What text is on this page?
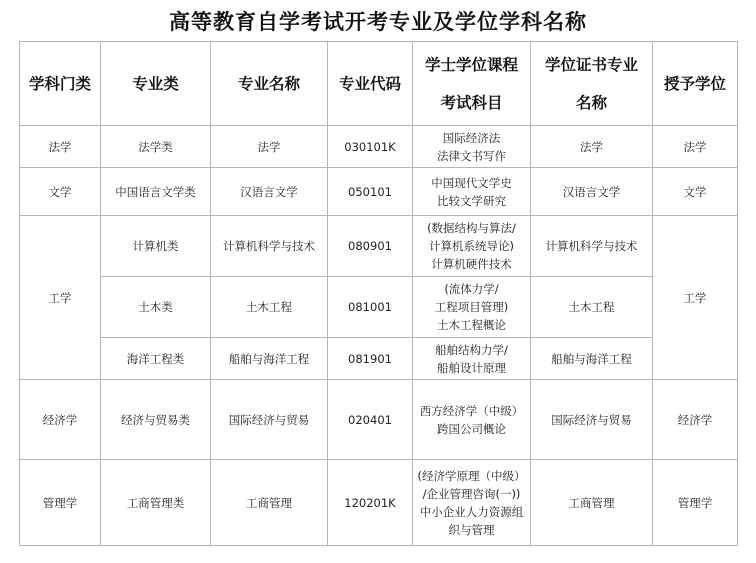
高等教育自学考试开考专业及学位学科名称
学科门类	专业类	专业名称	专业代码	学士学位课程
考试科目	学位证书专业
名称	授予学位
法学	法学类	法学	030101K	国际经济法
法律文书写作	法学	法学
文学	中国语言文学类	汉语言文学	050101	中国现代文学史
比较文学研究	汉语言文学	文学
工学	计算机类	计算机科学与技术	080901	(数据结构与算法/
计算机系统导论)
计算机硬件技术	计算机科学与技术	工学
	土木类	土木工程	081001	(流体力学/
工程项目管理)
土木工程概论	土木工程	
	海洋工程类	船舶与海洋工程	081901	船舶结构力学/
船舶设计原理	船舶与海洋工程	
经济学	经济与贸易类	国际经济与贸易	020401	西方经济学（中级）
跨国公司概论	国际经济与贸易	经济学
管理学	工商管理类	工商管理	120201K	(经济学原理（中级）
/企业管理咨询(一))
中小企业人力资源组
织与管理	工商管理	管理学
